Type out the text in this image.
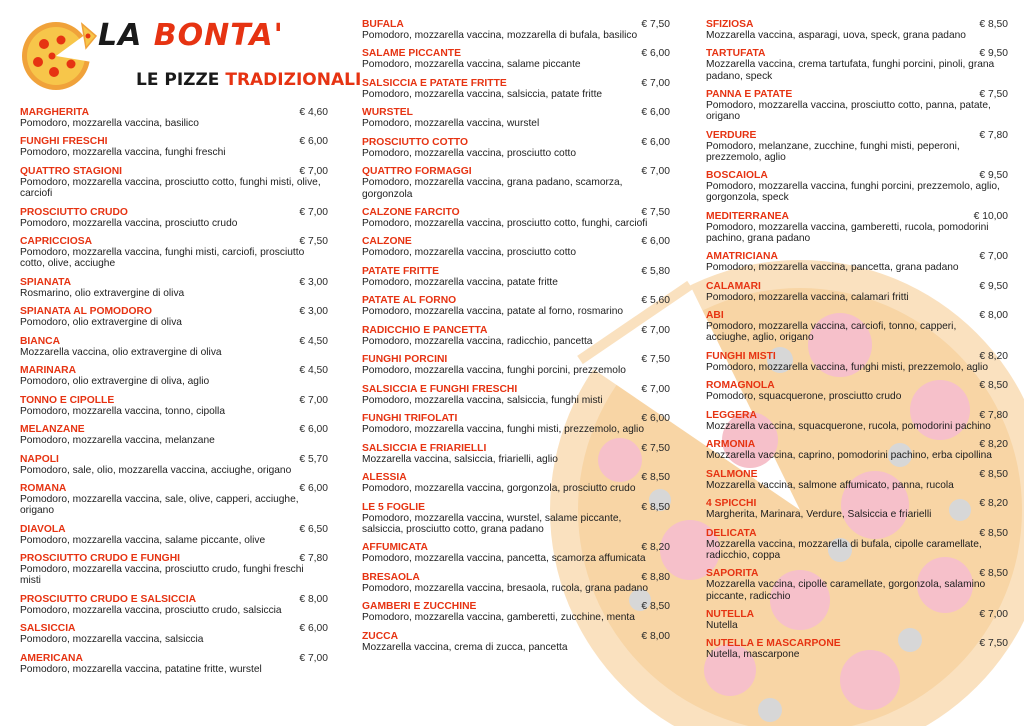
LA BONTA'
LE PIZZE TRADIZIONALI
MARGHERITA	€ 4,60
Pomodoro, mozzarella vaccina, basilico
FUNGHI FRESCHI	€ 6,00
Pomodoro, mozzarella vaccina, funghi freschi
QUATTRO STAGIONI	€ 7,00
Pomodoro, mozzarella vaccina, prosciutto cotto, funghi misti, olive, carciofi
PROSCIUTTO CRUDO	€ 7,00
Pomodoro, mozzarella vaccina, prosciutto crudo
CAPRICCIOSA	€ 7,50
Pomodoro, mozzarella vaccina, funghi misti, carciofi, prosciutto cotto, olive, acciughe
SPIANATA	€ 3,00
Rosmarino, olio extravergine di oliva
SPIANATA AL POMODORO	€ 3,00
Pomodoro, olio extravergine di oliva
BIANCA	€ 4,50
Mozzarella vaccina, olio extravergine di oliva
MARINARA	€ 4,50
Pomodoro, olio extravergine di oliva, aglio
TONNO E CIPOLLE	€ 7,00
Pomodoro, mozzarella vaccina, tonno, cipolla
MELANZANE	€ 6,00
Pomodoro, mozzarella vaccina, melanzane
NAPOLI	€ 5,70
Pomodoro, sale, olio, mozzarella vaccina, acciughe, origano
ROMANA	€ 6,00
Pomodoro, mozzarella vaccina, sale, olive, capperi, acciughe, origano
DIAVOLA	€ 6,50
Pomodoro, mozzarella vaccina, salame piccante, olive
PROSCIUTTO CRUDO E FUNGHI	€ 7,80
Pomodoro, mozzarella vaccina, prosciutto crudo, funghi freschi misti
PROSCIUTTO CRUDO E SALSICCIA	€ 8,00
Pomodoro, mozzarella vaccina, prosciutto crudo, salsiccia
SALSICCIA	€ 6,00
Pomodoro, mozzarella vaccina, salsiccia
AMERICANA	€ 7,00
Pomodoro, mozzarella vaccina, patatine fritte, wurstel
BUFALA	€ 7,50
Pomodoro, mozzarella vaccina, mozzarella di bufala, basilico
SALAME PICCANTE	€ 6,00
Pomodoro, mozzarella vaccina, salame piccante
SALSICCIA E PATATE FRITTE	€ 7,00
Pomodoro, mozzarella vaccina, salsiccia, patate fritte
WURSTEL	€ 6,00
Pomodoro, mozzarella vaccina, wurstel
PROSCIUTTO COTTO	€ 6,00
Pomodoro, mozzarella vaccina, prosciutto cotto
QUATTRO FORMAGGI	€ 7,00
Pomodoro, mozzarella vaccina, grana padano, scamorza, gorgonzola
CALZONE FARCITO	€ 7,50
Pomodoro, mozzarella vaccina, prosciutto cotto, funghi, carciofi
CALZONE	€ 6,00
Pomodoro, mozzarella vaccina, prosciutto cotto
PATATE FRITTE	€ 5,80
Pomodoro, mozzarella vaccina, patate fritte
PATATE AL FORNO	€ 5,60
Pomodoro, mozzarella vaccina, patate al forno, rosmarino
RADICCHIO E PANCETTA	€ 7,00
Pomodoro, mozzarella vaccina, radicchio, pancetta
FUNGHI PORCINI	€ 7,50
Pomodoro, mozzarella vaccina, funghi porcini, prezzemolo
SALSICCIA E FUNGHI FRESCHI	€ 7,00
Pomodoro, mozzarella vaccina, salsiccia, funghi misti
FUNGHI TRIFOLATI	€ 6,00
Pomodoro, mozzarella vaccina, funghi misti, prezzemolo, aglio
SALSICCIA E FRIARIELLI	€ 7,50
Mozzarella vaccina, salsiccia, friarielli, aglio
ALESSIA	€ 8,50
Pomodoro, mozzarella vaccina, gorgonzola, prosciutto crudo
LE 5 FOGLIE	€ 8,50
Pomodoro, mozzarella vaccina, wurstel, salame piccante, salsiccia, prosciutto cotto, grana padano
AFFUMICATA	€ 8,20
Pomodoro, mozzarella vaccina, pancetta, scamorza affumicata
BRESAOLA	€ 8,80
Pomodoro, mozzarella vaccina, bresaola, rucola, grana padano
GAMBERI E ZUCCHINE	€ 8,50
Pomodoro, mozzarella vaccina, gamberetti, zucchine, menta
ZUCCA	€ 8,00
Mozzarella vaccina, crema di zucca, pancetta
SFIZIOSA	€ 8,50
Mozzarella vaccina, asparagi, uova, speck, grana padano
TARTUFATA	€ 9,50
Mozzarella vaccina, crema tartufata, funghi porcini, pinoli, grana padano, speck
PANNA E PATATE	€ 7,50
Pomodoro, mozzarella vaccina, prosciutto cotto, panna, patate, origano
VERDURE	€ 7,80
Pomodoro, melanzane, zucchine, funghi misti, peperoni, prezzemolo, aglio
BOSCAIOLA	€ 9,50
Pomodoro, mozzarella vaccina, funghi porcini, prezzemolo, aglio, gorgonzola, speck
MEDITERRANEA	€ 10,00
Pomodoro, mozzarella vaccina, gamberetti, rucola, pomodorini pachino, grana padano
AMATRICIANA	€ 7,00
Pomodoro, mozzarella vaccina, pancetta, grana padano
CALAMARI	€ 9,50
Pomodoro, mozzarella vaccina, calamari fritti
ABI	€ 8,00
Pomodoro, mozzarella vaccina, carciofi, tonno, capperi, acciughe, aglio, origano
FUNGHI MISTI	€ 8,20
Pomodoro, mozzarella vaccina, funghi misti, prezzemolo, aglio
ROMAGNOLA	€ 8,50
Pomodoro, squacquerone, prosciutto crudo
LEGGERA	€ 7,80
Mozzarella vaccina, squacquerone, rucola, pomodorini pachino
ARMONIA	€ 8,20
Mozzarella vaccina, caprino, pomodorini pachino, erba cipollina
SALMONE	€ 8,50
Mozzarella vaccina, salmone affumicato, panna, rucola
4 SPICCHI	€ 8,20
Margherita, Marinara, Verdure, Salsiccia e friarielli
DELICATA	€ 8,50
Mozzarella vaccina, mozzarella di bufala, cipolle caramellate, radicchio, coppa
SAPORITA	€ 8,50
Mozzarella vaccina, cipolle caramellate, gorgonzola, salamino piccante, radicchio
NUTELLA	€ 7,00
Nutella
NUTELLA E MASCARPONE	€ 7,50
Nutella, mascarpone
